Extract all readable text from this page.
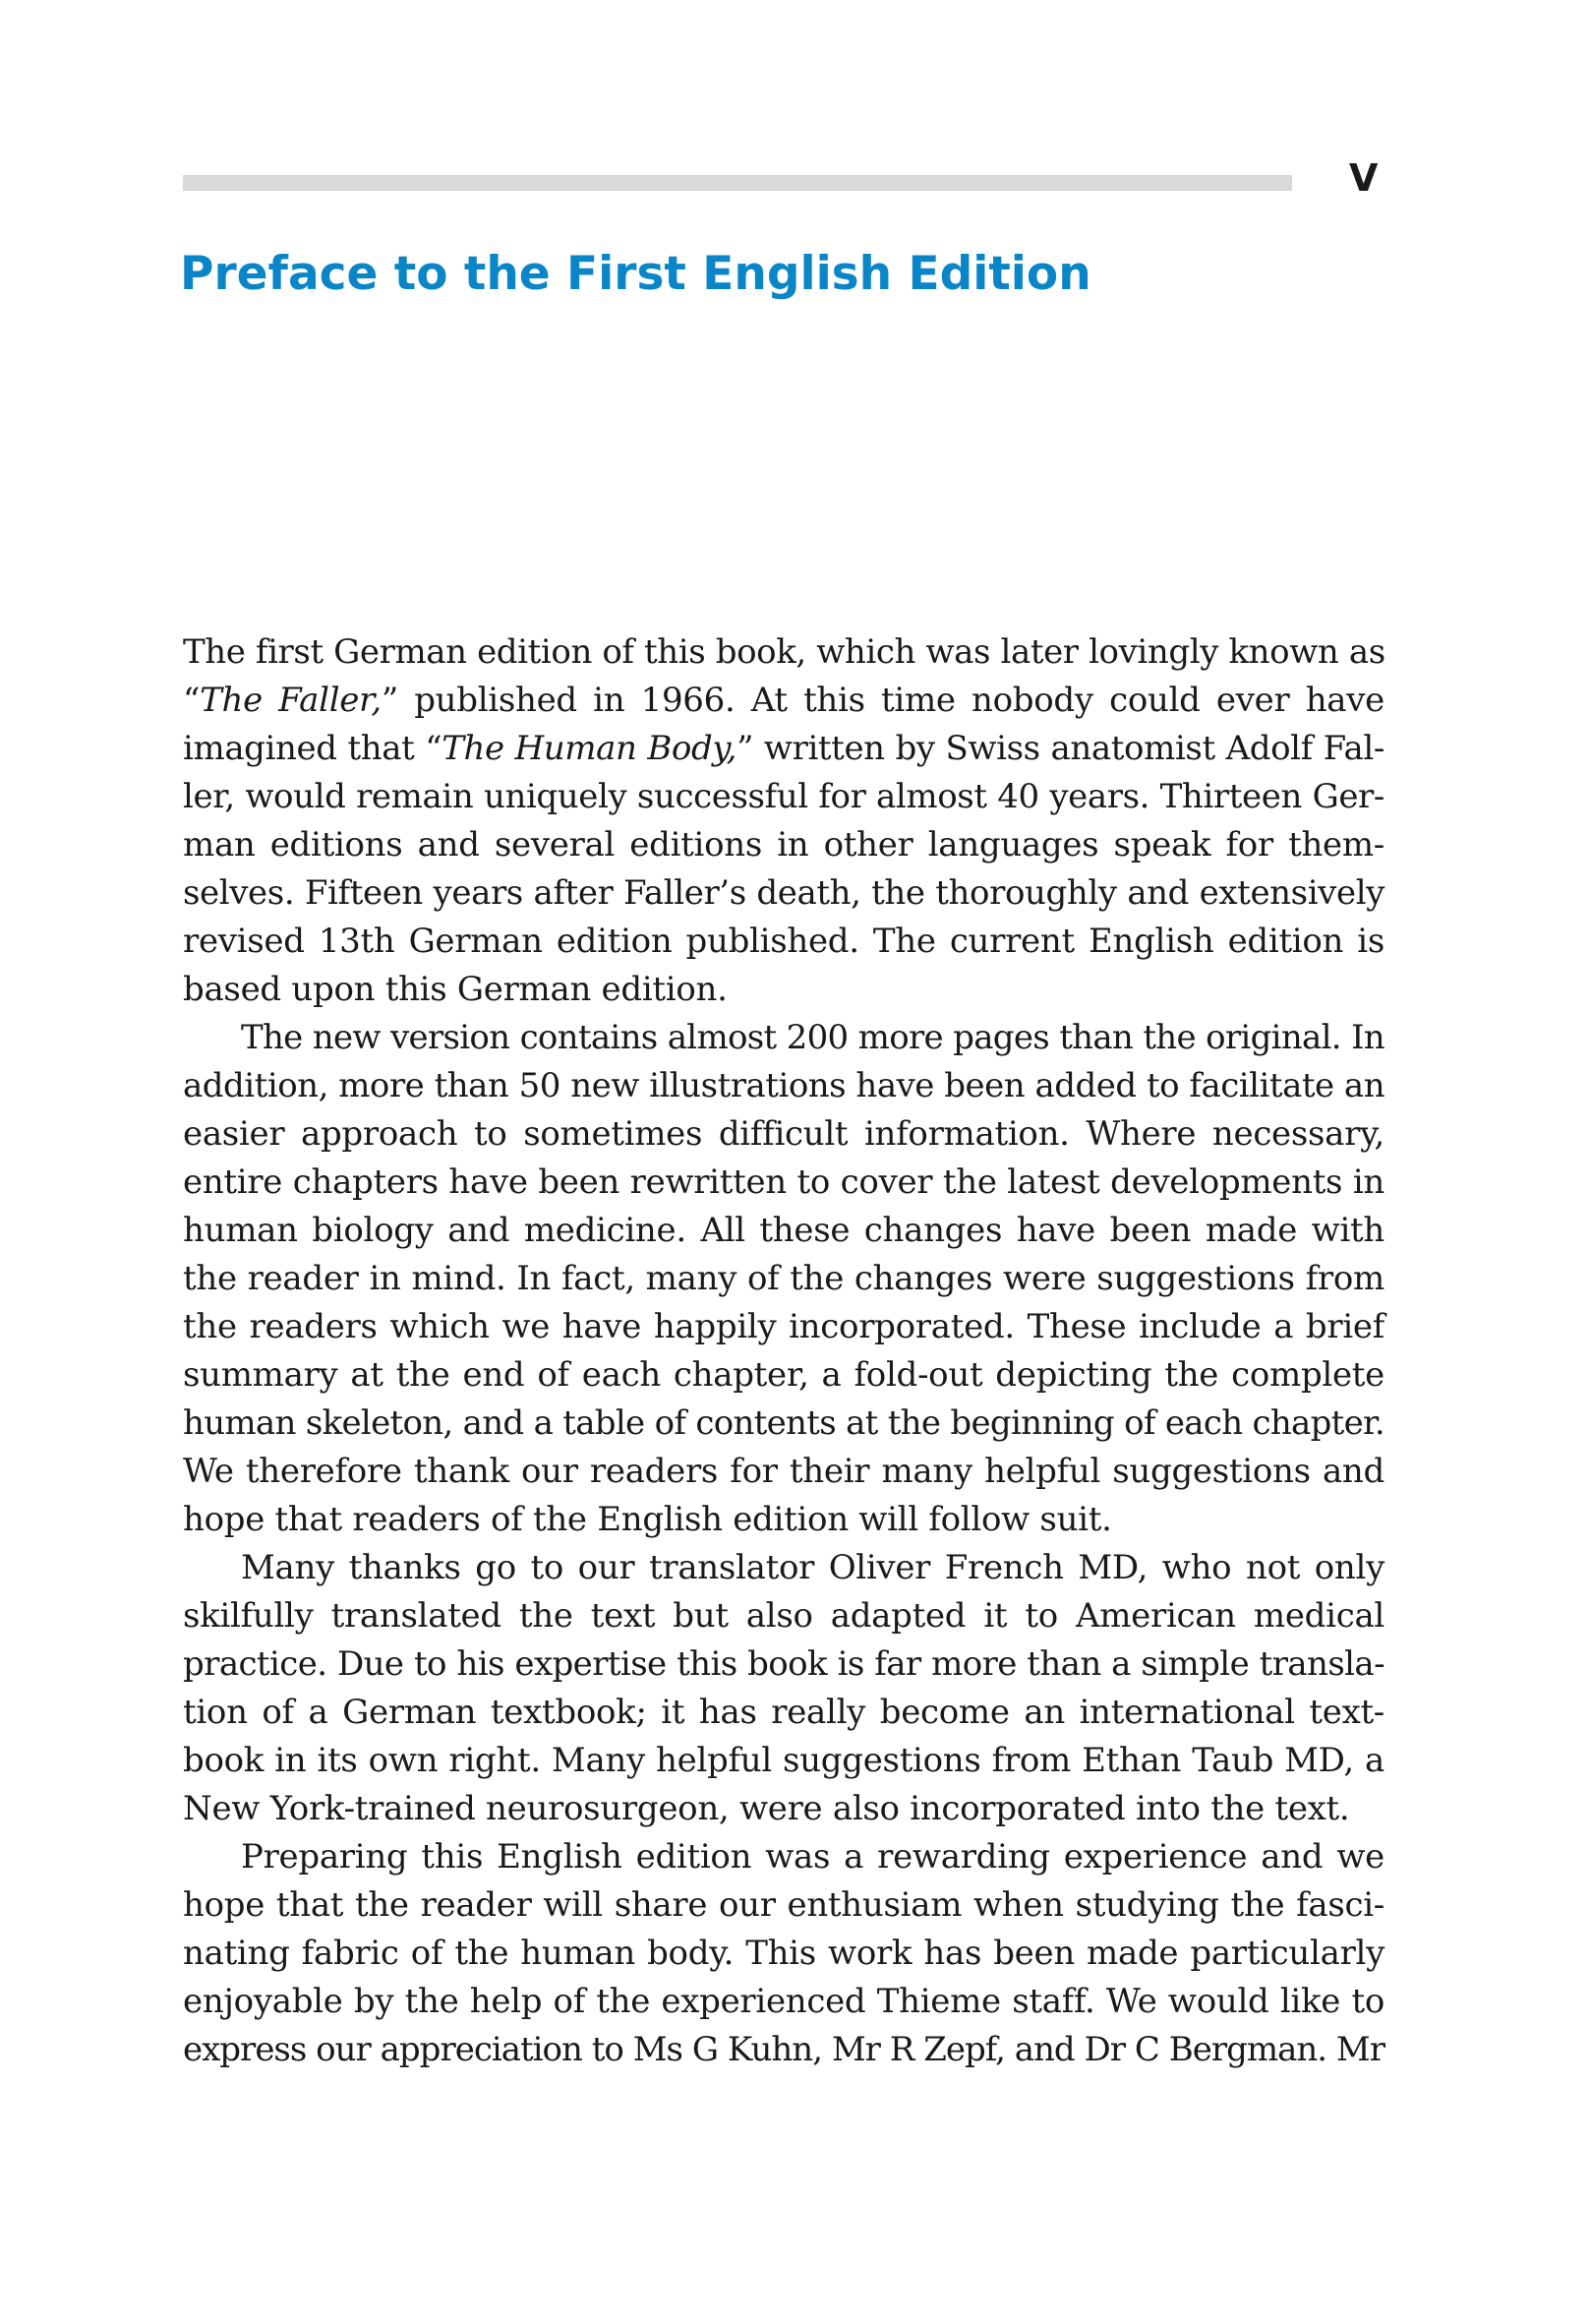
V
Preface to the First English Edition
The first German edition of this book, which was later lovingly known as
“The Faller,” published in 1966. At this time nobody could ever have
imagined that “The Human Body,” written by Swiss anatomist Adolf Fal-
ler, would remain uniquely successful for almost 40 years. Thirteen Ger-
man editions and several editions in other languages speak for them-
selves. Fifteen years after Faller’s death, the thoroughly and extensively
revised 13th German edition published. The current English edition is
based upon this German edition.
The new version contains almost 200 more pages than the original. In
addition, more than 50 new illustrations have been added to facilitate an
easier approach to sometimes difficult information. Where necessary,
entire chapters have been rewritten to cover the latest developments in
human biology and medicine. All these changes have been made with
the reader in mind. In fact, many of the changes were suggestions from
the readers which we have happily incorporated. These include a brief
summary at the end of each chapter, a fold-out depicting the complete
human skeleton, and a table of contents at the beginning of each chapter.
We therefore thank our readers for their many helpful suggestions and
hope that readers of the English edition will follow suit.
Many thanks go to our translator Oliver French MD, who not only
skilfully translated the text but also adapted it to American medical
practice. Due to his expertise this book is far more than a simple transla-
tion of a German textbook; it has really become an international text-
book in its own right. Many helpful suggestions from Ethan Taub MD, a
New York-trained neurosurgeon, were also incorporated into the text.
Preparing this English edition was a rewarding experience and we
hope that the reader will share our enthusiam when studying the fasci-
nating fabric of the human body. This work has been made particularly
enjoyable by the help of the experienced Thieme staff. We would like to
express our appreciation to Ms G Kuhn, Mr R Zepf, and Dr C Bergman. Mr
